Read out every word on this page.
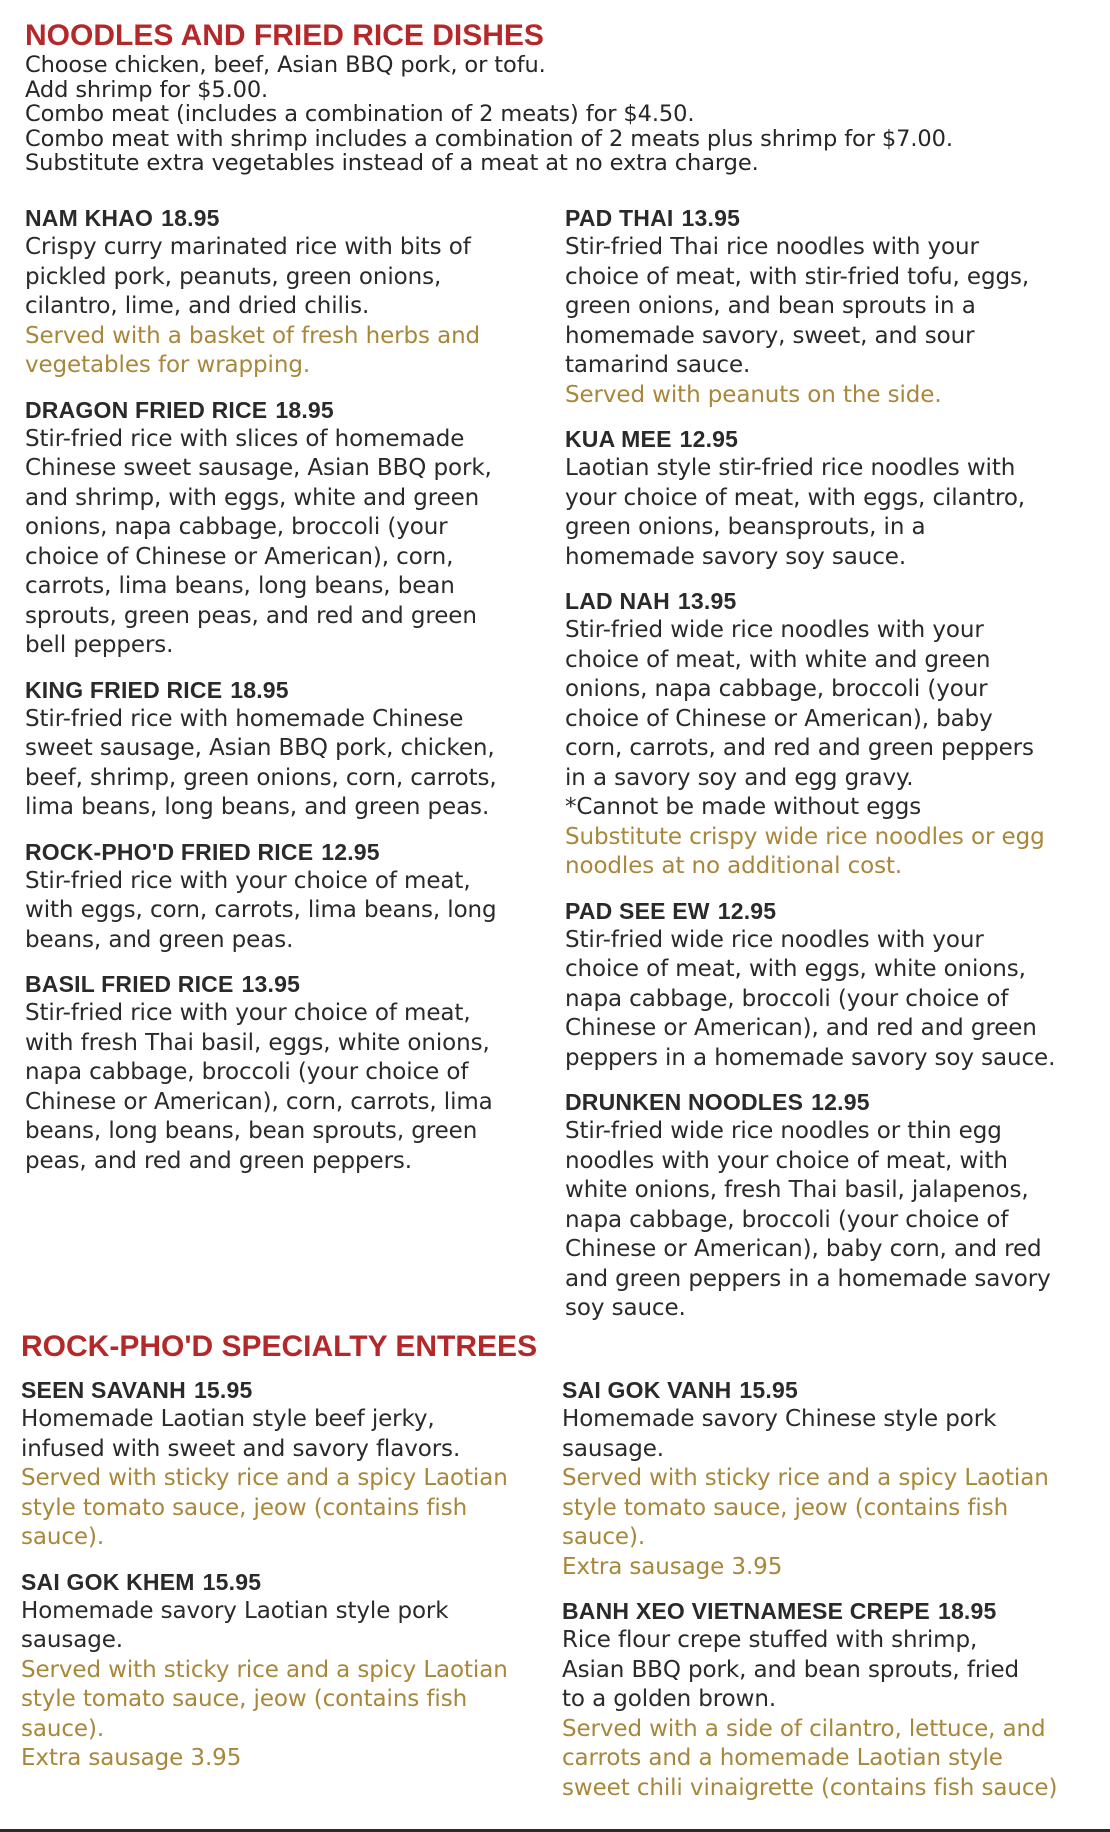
NOODLES AND FRIED RICE DISHES
Choose chicken, beef, Asian BBQ pork, or tofu.
Add shrimp for $5.00.
Combo meat (includes a combination of 2 meats) for $4.50.
Combo meat with shrimp includes a combination of 2 meats plus shrimp for $7.00.
Substitute extra vegetables instead of a meat at no extra charge.
NAM KHAO 18.95
Crispy curry marinated rice with bits of
pickled pork, peanuts, green onions,
cilantro, lime, and dried chilis.
Served with a basket of fresh herbs and
vegetables for wrapping.
DRAGON FRIED RICE 18.95
Stir-fried rice with slices of homemade
Chinese sweet sausage, Asian BBQ pork,
and shrimp, with eggs, white and green
onions, napa cabbage, broccoli (your
choice of Chinese or American), corn,
carrots, lima beans, long beans, bean
sprouts, green peas, and red and green
bell peppers.
KING FRIED RICE 18.95
Stir-fried rice with homemade Chinese
sweet sausage, Asian BBQ pork, chicken,
beef, shrimp, green onions, corn, carrots,
lima beans, long beans, and green peas.
ROCK-PHO'D FRIED RICE 12.95
Stir-fried rice with your choice of meat,
with eggs, corn, carrots, lima beans, long
beans, and green peas.
BASIL FRIED RICE 13.95
Stir-fried rice with your choice of meat,
with fresh Thai basil, eggs, white onions,
napa cabbage, broccoli (your choice of
Chinese or American), corn, carrots, lima
beans, long beans, bean sprouts, green
peas, and red and green peppers.
PAD THAI 13.95
Stir-fried Thai rice noodles with your
choice of meat, with stir-fried tofu, eggs,
green onions, and bean sprouts in a
homemade savory, sweet, and sour
tamarind sauce.
Served with peanuts on the side.
KUA MEE 12.95
Laotian style stir-fried rice noodles with
your choice of meat, with eggs, cilantro,
green onions, beansprouts, in a
homemade savory soy sauce.
LAD NAH 13.95
Stir-fried wide rice noodles with your
choice of meat, with white and green
onions, napa cabbage, broccoli (your
choice of Chinese or American), baby
corn, carrots, and red and green peppers
in a savory soy and egg gravy.
*Cannot be made without eggs
Substitute crispy wide rice noodles or egg
noodles at no additional cost.
PAD SEE EW 12.95
Stir-fried wide rice noodles with your
choice of meat, with eggs, white onions,
napa cabbage, broccoli (your choice of
Chinese or American), and red and green
peppers in a homemade savory soy sauce.
DRUNKEN NOODLES 12.95
Stir-fried wide rice noodles or thin egg
noodles with your choice of meat, with
white onions, fresh Thai basil, jalapenos,
napa cabbage, broccoli (your choice of
Chinese or American), baby corn, and red
and green peppers in a homemade savory
soy sauce.
ROCK-PHO'D SPECIALTY ENTREES
SEEN SAVANH 15.95
Homemade Laotian style beef jerky,
infused with sweet and savory flavors.
Served with sticky rice and a spicy Laotian
style tomato sauce, jeow (contains fish
sauce).
SAI GOK KHEM 15.95
Homemade savory Laotian style pork
sausage.
Served with sticky rice and a spicy Laotian
style tomato sauce, jeow (contains fish
sauce).
Extra sausage 3.95
SAI GOK VANH 15.95
Homemade savory Chinese style pork
sausage.
Served with sticky rice and a spicy Laotian
style tomato sauce, jeow (contains fish
sauce).
Extra sausage 3.95
BANH XEO VIETNAMESE CREPE 18.95
Rice flour crepe stuffed with shrimp,
Asian BBQ pork, and bean sprouts, fried
to a golden brown.
Served with a side of cilantro, lettuce, and
carrots and a homemade Laotian style
sweet chili vinaigrette (contains fish sauce)
